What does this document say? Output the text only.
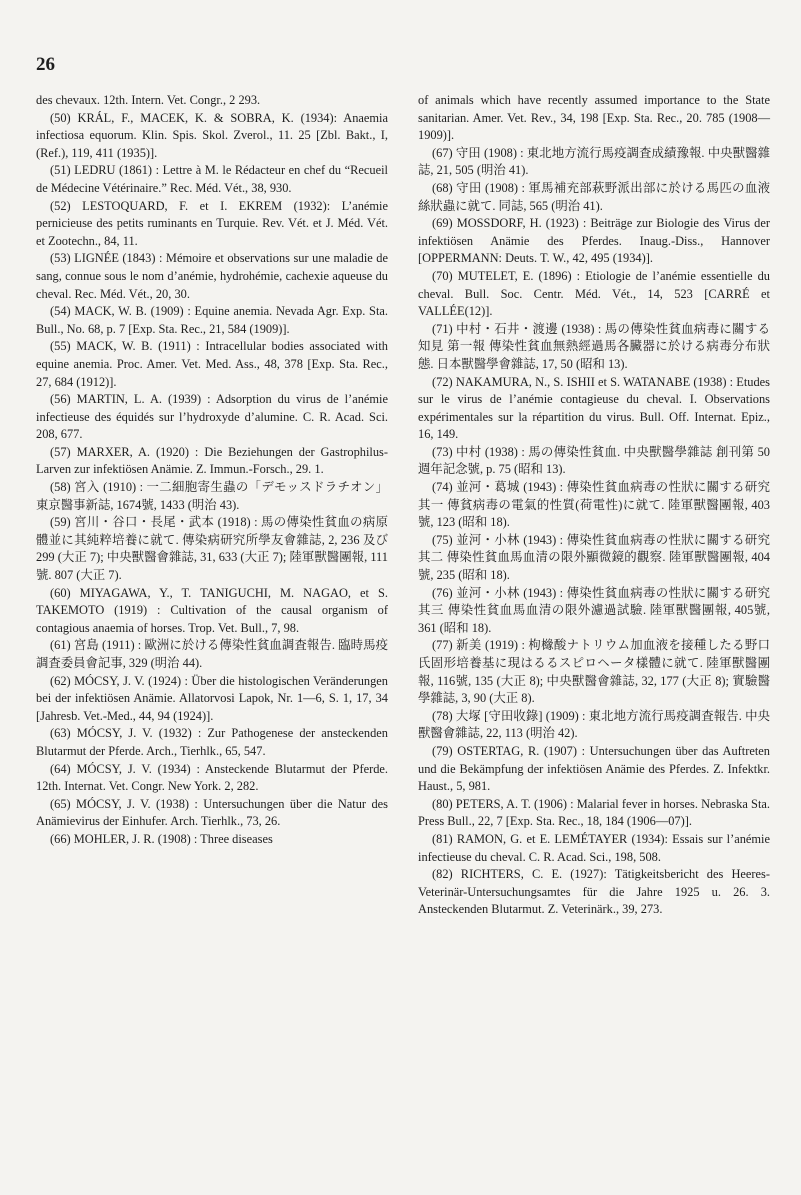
26

des chevaux. 12th. Intern. Vet. Congr., 2 293.

(50) KRÁL, F., MACEK, K. & SOBRA, K. (1934): Anaemia infectiosa equorum. Klin. Spis. Skol. Zverol., 11. 25 [Zbl. Bakt., I, (Ref.), 119, 411 (1935)].

(51) LEDRU (1861) : Lettre à M. le Rédacteur en chef du “Recueil de Médecine Vétérinaire.” Rec. Méd. Vét., 38, 930.

(52) LESTOQUARD, F. et I. EKREM (1932): L’anémie pernicieuse des petits ruminants en Turquie. Rev. Vét. et J. Méd. Vét. et Zootechn., 84, 11.

(53) LIGNÉE (1843) : Mémoire et observations sur une maladie de sang, connue sous le nom d’anémie, hydrohémie, cachexie aqueuse du cheval. Rec. Méd. Vét., 20, 30.

(54) MACK, W. B. (1909) : Equine anemia. Nevada Agr. Exp. Sta. Bull., No. 68, p. 7 [Exp. Sta. Rec., 21, 584 (1909)].

(55) MACK, W. B. (1911) : Intracellular bodies associated with equine anemia. Proc. Amer. Vet. Med. Ass., 48, 378 [Exp. Sta. Rec., 27, 684 (1912)].

(56) MARTIN, L. A. (1939) : Adsorption du virus de l’anémie infectieuse des équidés sur l’hydroxyde d’alumine. C. R. Acad. Sci. 208, 677.

(57) MARXER, A. (1920) : Die Beziehungen der Gastrophilus-Larven zur infektiösen Anämie. Z. Immun.-Forsch., 29. 1.

(58) 宮入 (1910) : 一二細胞寄生蟲の「デモッスドラチオン」東京醫事新誌, 1674號, 1433 (明治 43).

(59) 宮川・谷口・長尾・武本 (1918) : 馬の傳染性貧血の病原體並に其純粹培養に就て. 傳染病研究所學友會雜誌, 2, 236 及び 299 (大正 7); 中央獸醫會雜誌, 31, 633 (大正 7); 陸軍獸醫團報, 111號. 807 (大正 7).

(60) MIYAGAWA, Y., T. TANIGUCHI, M. NAGAO, et S. TAKEMOTO (1919) : Cultivation of the causal organism of contagious anaemia of horses. Trop. Vet. Bull., 7, 98.

(61) 宮島 (1911) : 歐洲に於ける傳染性貧血調査報告. 臨時馬疫調査委員會記事, 329 (明治 44).

(62) MÓCSY, J. V. (1924) : Über die histologischen Veränderungen bei der infektiösen Anämie. Allatorvosi Lapok, Nr. 1—6, S. 1, 17, 34 [Jahresb. Vet.-Med., 44, 94 (1924)].

(63) MÓCSY, J. V. (1932) : Zur Pathogenese der ansteckenden Blutarmut der Pferde. Arch., Tierhlk., 65, 547.

(64) MÓCSY, J. V. (1934) : Ansteckende Blutarmut der Pferde. 12th. Internat. Vet. Congr. New York. 2, 282.

(65) MÓCSY, J. V. (1938) : Untersuchungen über die Natur des Anämievirus der Einhufer. Arch. Tierhlk., 73, 26.

(66) MOHLER, J. R. (1908) : Three diseases

of animals which have recently assumed importance to the State sanitarian. Amer. Vet. Rev., 34, 198 [Exp. Sta. Rec., 20. 785 (1908—1909)].

(67) 守田 (1908) : 東北地方流行馬疫調査成績豫報. 中央獸醫雜誌, 21, 505 (明治 41).

(68) 守田 (1908) : 軍馬補充部萩野派出部に於ける馬匹の血液絲狀蟲に就て. 同誌, 565 (明治 41).

(69) MOSSDORF, H. (1923) : Beiträge zur Biologie des Virus der infektiösen Anämie des Pferdes. Inaug.-Diss., Hannover [OPPERMANN: Deuts. T. W., 42, 495 (1934)].

(70) MUTELET, E. (1896) : Etiologie de l’anémie essentielle du cheval. Bull. Soc. Centr. Méd. Vét., 14, 523 [CARRÉ et VALLÉE(12)].

(71) 中村・石井・渡邊 (1938) : 馬の傳染性貧血病毒に關する知見 第一報 傳染性貧血無熱經過馬各臟器に於ける病毒分布狀態. 日本獸醫學會雜誌, 17, 50 (昭和 13).

(72) NAKAMURA, N., S. ISHII et S. WATANABE (1938) : Etudes sur le virus de l’anémie contagieuse du cheval. I. Observations expérimentales sur la répartition du virus. Bull. Off. Internat. Epiz., 16, 149.

(73) 中村 (1938) : 馬の傳染性貧血. 中央獸醫學雜誌 創刊第 50 週年記念號, p. 75 (昭和 13).

(74) 並河・葛城 (1943) : 傳染性貧血病毒の性狀に關する研究 其一 傳貧病毒の電氣的性質(荷電性)に就て. 陸軍獸醫團報, 403號, 123 (昭和 18).

(75) 並河・小林 (1943) : 傳染性貧血病毒の性狀に關する研究 其二 傳染性貧血馬血清の限外顯微鏡的觀察. 陸軍獸醫團報, 404號, 235 (昭和 18).

(76) 並河・小林 (1943) : 傳染性貧血病毒の性狀に關する研究 其三 傳染性貧血馬血清の限外濾過試驗. 陸軍獸醫團報, 405號, 361 (昭和 18).

(77) 新美 (1919) : 枸櫞酸ナトリウム加血液を接種したる野口氏固形培養基に現はるるスピロヘータ樣體に就て. 陸軍獸醫團報, 116號, 135 (大正 8); 中央獸醫會雜誌, 32, 177 (大正 8); 實驗醫學雜誌, 3, 90 (大正 8).

(78) 大塚 [守田收錄] (1909) : 東北地方流行馬疫調査報告. 中央獸醫會雜誌, 22, 113 (明治 42).

(79) OSTERTAG, R. (1907) : Untersuchungen über das Auftreten und die Bekämpfung der infektiösen Anämie des Pferdes. Z. Infektkr. Haust., 5, 981.

(80) PETERS, A. T. (1906) : Malarial fever in horses. Nebraska Sta. Press Bull., 22, 7 [Exp. Sta. Rec., 18, 184 (1906—07)].

(81) RAMON, G. et E. LEMÉTAYER (1934): Essais sur l’anémie infectieuse du cheval. C. R. Acad. Sci., 198, 508.

(82) RICHTERS, C. E. (1927): Tätigkeitsbericht des Heeres-Veterinär-Untersuchungsamtes für die Jahre 1925 u. 26. 3. Ansteckenden Blutarmut. Z. Veterinärk., 39, 273.
